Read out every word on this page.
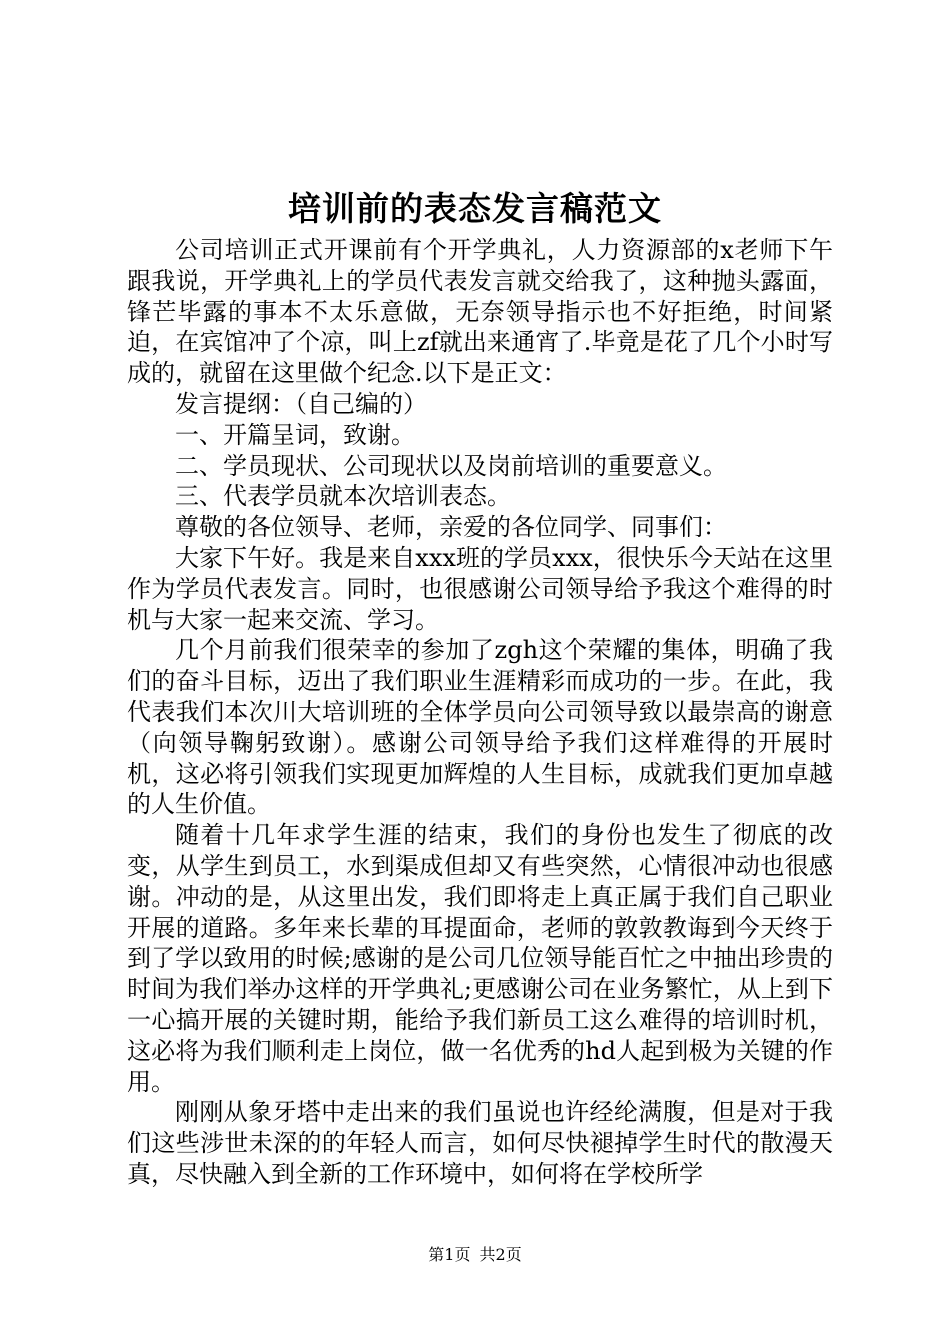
培训前的表态发言稿范文

公司培训正式开课前有个开学典礼，人力资源部的x老师下午跟我说，开学典礼上的学员代表发言就交给我了，这种抛头露面，锋芒毕露的事本不太乐意做，无奈领导指示也不好拒绝，时间紧迫，在宾馆冲了个凉，叫上zf就出来通宵了.毕竟是花了几个小时写成的，就留在这里做个纪念.以下是正文：

发言提纲：（自己编的）

一、开篇呈词，致谢。

二、学员现状、公司现状以及岗前培训的重要意义。

三、代表学员就本次培训表态。

尊敬的各位领导、老师，亲爱的各位同学、同事们：

大家下午好。我是来自xxx班的学员xxx，很快乐今天站在这里作为学员代表发言。同时，也很感谢公司领导给予我这个难得的时机与大家一起来交流、学习。

几个月前我们很荣幸的参加了zgh这个荣耀的集体，明确了我们的奋斗目标，迈出了我们职业生涯精彩而成功的一步。在此，我代表我们本次川大培训班的全体学员向公司领导致以最崇高的谢意（向领导鞠躬致谢）。感谢公司领导给予我们这样难得的开展时机，这必将引领我们实现更加辉煌的人生目标，成就我们更加卓越的人生价值。

随着十几年求学生涯的结束，我们的身份也发生了彻底的改变，从学生到员工，水到渠成但却又有些突然，心情很冲动也很感谢。冲动的是，从这里出发，我们即将走上真正属于我们自己职业开展的道路。多年来长辈的耳提面命，老师的敦敦教诲到今天终于到了学以致用的时候;感谢的是公司几位领导能百忙之中抽出珍贵的时间为我们举办这样的开学典礼;更感谢公司在业务繁忙，从上到下一心搞开展的关键时期，能给予我们新员工这么难得的培训时机，这必将为我们顺利走上岗位，做一名优秀的hd人起到极为关键的作用。

刚刚从象牙塔中走出来的我们虽说也许经纶满腹，但是对于我们这些涉世未深的的年轻人而言，如何尽快褪掉学生时代的散漫天真，尽快融入到全新的工作环境中，如何将在学校所学

第1页 共2页
